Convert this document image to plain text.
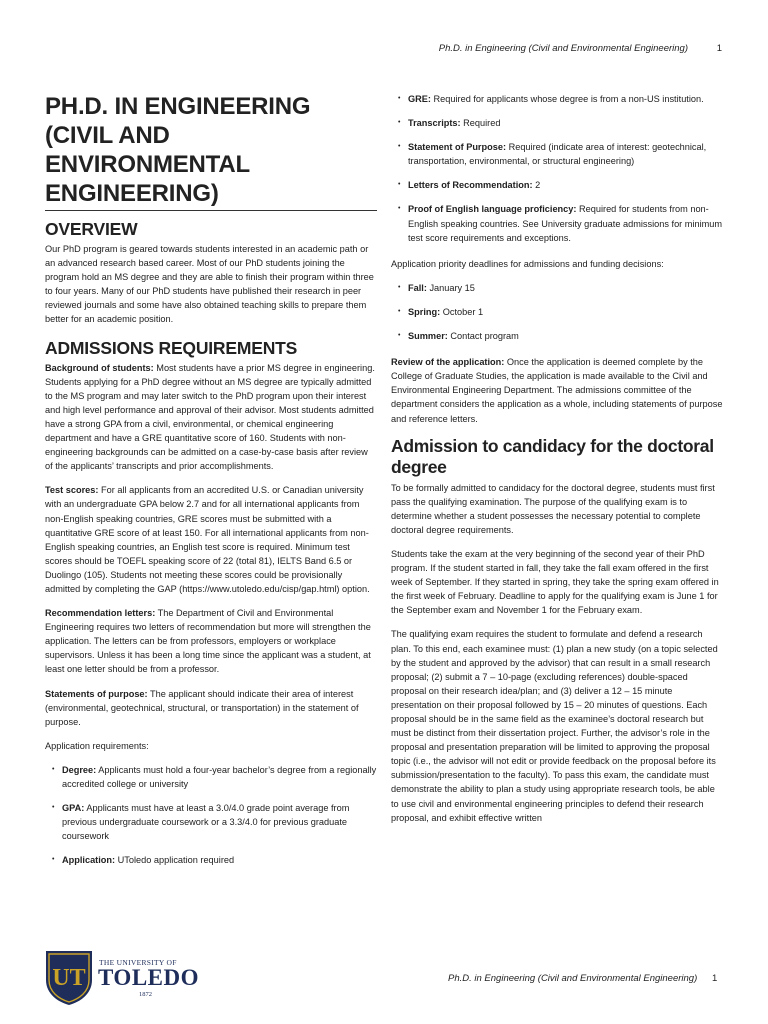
Ph.D. in Engineering (Civil and Environmental Engineering)	1
PH.D. IN ENGINEERING (CIVIL AND ENVIRONMENTAL ENGINEERING)
OVERVIEW

Our PhD program is geared towards students interested in an academic path or an advanced research based career. Most of our PhD students joining the program hold an MS degree and they are able to finish their program within three to four years. Many of our PhD students have published their research in peer reviewed journals and some have also obtained teaching skills to prepare them better for an academic position.

ADMISSIONS REQUIREMENTS

Background of students: Most students have a prior MS degree in engineering. Students applying for a PhD degree without an MS degree are typically admitted to the MS program and may later switch to the PhD program upon their interest and high level performance and approval of their advisor. Most students admitted have a strong GPA from a civil, environmental, or chemical engineering department and have a GRE quantitative score of 160. Students with non-engineering backgrounds can be admitted on a case-by-case basis after review of the applicants’ transcripts and prior accomplishments.

Test scores: For all applicants from an accredited U.S. or Canadian university with an undergraduate GPA below 2.7 and for all international applicants from non-English speaking countries, GRE scores must be submitted with a quantitative GRE score of at least 150. For all international applicants from non-English speaking countries, an English test score is required. Minimum test scores should be TOEFL speaking score of 22 (total 81), IELTS Band 6.5 or Duolingo (105). Students not meeting these scores could be provisionally admitted by completing the GAP (https://www.utoledo.edu/cisp/gap.html) option.

Recommendation letters: The Department of Civil and Environmental Engineering requires two letters of recommendation but more will strengthen the application. The letters can be from professors, employers or workplace supervisors. Unless it has been a long time since the applicant was a student, at least one letter should be from a professor.

Statements of purpose: The applicant should indicate their area of interest (environmental, geotechnical, structural, or transportation) in the statement of purpose.

Application requirements:

• Degree: Applicants must hold a four-year bachelor’s degree from a regionally accredited college or university
• GPA: Applicants must have at least a 3.0/4.0 grade point average from previous undergraduate coursework or a 3.3/4.0 for previous graduate coursework
• Application: UToledo application required
• GRE: Required for applicants whose degree is from a non-US institution.
• Transcripts: Required
• Statement of Purpose: Required (indicate area of interest: geotechnical, transportation, environmental, or structural engineering)
• Letters of Recommendation: 2
• Proof of English language proficiency: Required for students from non-English speaking countries. See University graduate admissions for minimum test score requirements and exceptions.

Application priority deadlines for admissions and funding decisions:

• Fall: January 15
• Spring: October 1
• Summer: Contact program

Review of the application: Once the application is deemed complete by the College of Graduate Studies, the application is made available to the Civil and Environmental Engineering Department. The admissions committee of the department considers the application as a whole, including statements of purpose and reference letters.

Admission to candidacy for the doctoral degree

To be formally admitted to candidacy for the doctoral degree, students must first pass the qualifying examination. The purpose of the qualifying exam is to determine whether a student possesses the necessary potential to complete doctoral degree requirements.

Students take the exam at the very beginning of the second year of their PhD program. If the student started in fall, they take the fall exam offered in the first week of September. If they started in spring, they take the spring exam offered in the first week of February. Deadline to apply for the qualifying exam is June 1 for the September exam and November 1 for the February exam.

The qualifying exam requires the student to formulate and defend a research plan. To this end, each examinee must: (1) plan a new study (on a topic selected by the student and approved by the advisor) that can result in a small research proposal; (2) submit a 7 – 10-page (excluding references) double-spaced proposal on their research idea/plan; and (3) deliver a 12 – 15 minute presentation on their proposal followed by 15 – 20 minutes of questions. Each proposal should be in the same field as the examinee’s doctoral research but must be distinct from their dissertation project. Further, the advisor’s role in the proposal and presentation preparation will be limited to approving the proposal topic (i.e., the advisor will not edit or provide feedback on the proposal before its submission/presentation to the faculty). To pass this exam, the candidate must demonstrate the ability to plan a study using appropriate research tools, be able to use civil and environmental engineering principles to defend their research proposal, and exhibit effective written

UT
THE UNIVERSITY OF
TOLEDO
1872
Ph.D. in Engineering (Civil and Environmental Engineering) 1
